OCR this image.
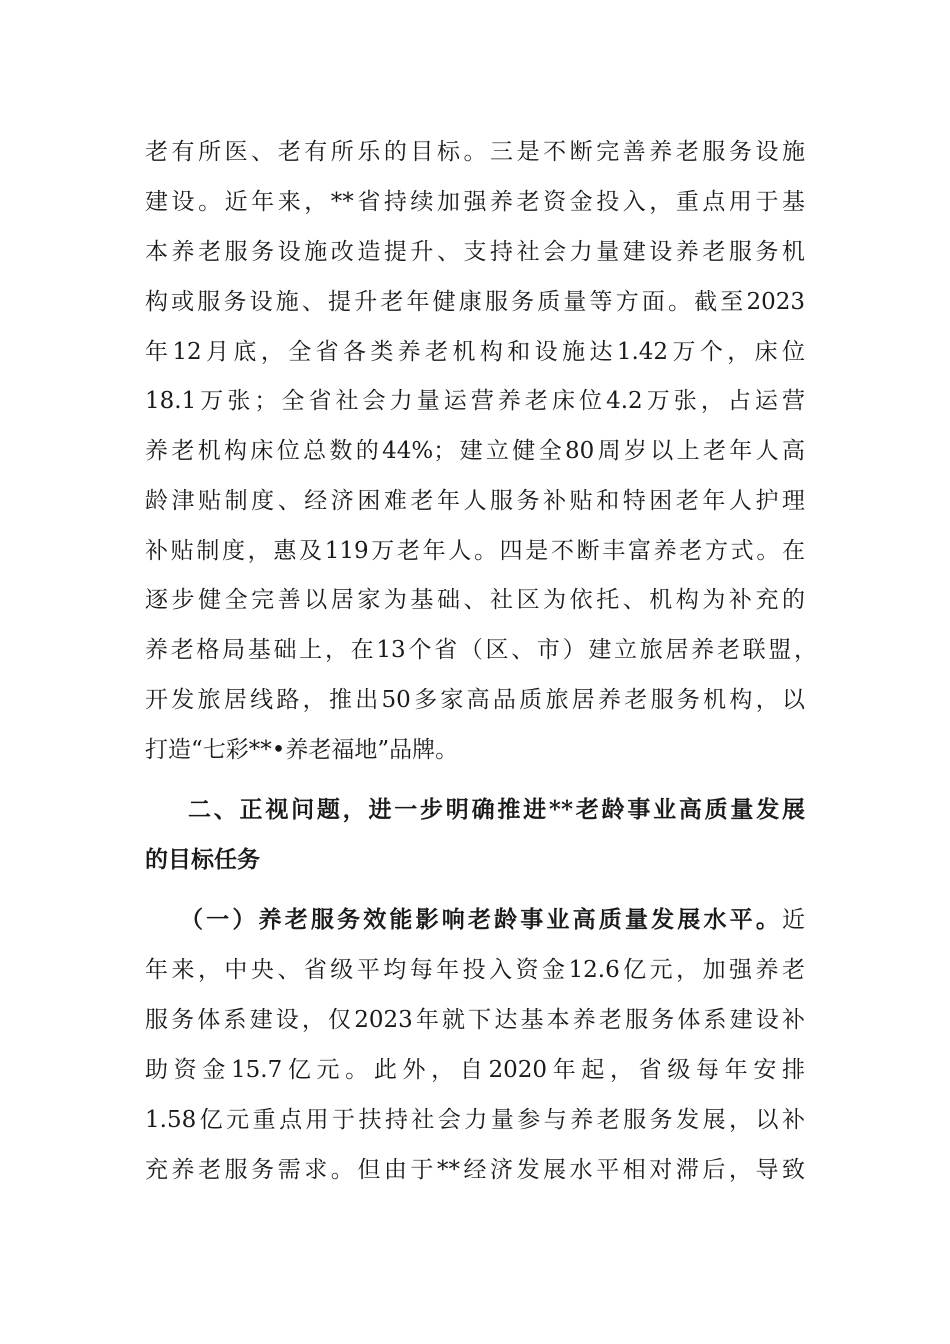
老有所医、老有所乐的目标。三是不断完善养老服务设施
建设。近年来，**省持续加强养老资金投入，重点用于基
本养老服务设施改造提升、支持社会力量建设养老服务机
构或服务设施、提升老年健康服务质量等方面。截至2023
年12月底，全省各类养老机构和设施达1.42万个，床位
18.1万张；全省社会力量运营养老床位4.2万张，占运营
养老机构床位总数的44%；建立健全80周岁以上老年人高
龄津贴制度、经济困难老年人服务补贴和特困老年人护理
补贴制度，惠及119万老年人。四是不断丰富养老方式。在
逐步健全完善以居家为基础、社区为依托、机构为补充的
养老格局基础上，在13个省（区、市）建立旅居养老联盟，
开发旅居线路，推出50多家高品质旅居养老服务机构，以
打造“七彩**•养老福地”品牌。
二、正视问题，进一步明确推进**老龄事业高质量发展
的目标任务
（一）养老服务效能影响老龄事业高质量发展水平。近
年来，中央、省级平均每年投入资金12.6亿元，加强养老
服务体系建设，仅2023年就下达基本养老服务体系建设补
助资金15.7亿元。此外，自2020年起，省级每年安排
1.58亿元重点用于扶持社会力量参与养老服务发展，以补
充养老服务需求。但由于**经济发展水平相对滞后，导致
